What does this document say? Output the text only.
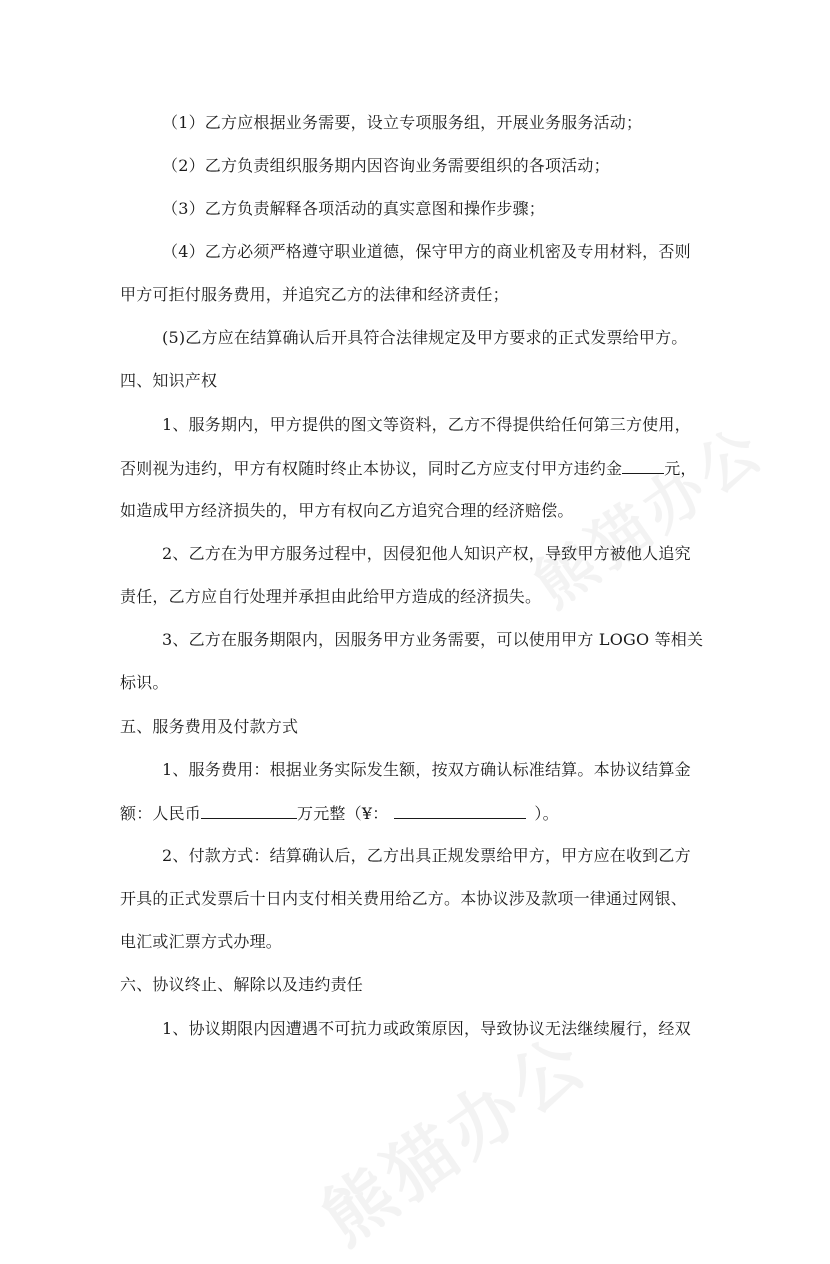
（1）乙方应根据业务需要，设立专项服务组，开展业务服务活动；
（2）乙方负责组织服务期内因咨询业务需要组织的各项活动；
（3）乙方负责解释各项活动的真实意图和操作步骤；
（4）乙方必须严格遵守职业道德，保守甲方的商业机密及专用材料，否则
甲方可拒付服务费用，并追究乙方的法律和经济责任；
(5)乙方应在结算确认后开具符合法律规定及甲方要求的正式发票给甲方。
四、知识产权
1、服务期内，甲方提供的图文等资料，乙方不得提供给任何第三方使用，
否则视为违约，甲方有权随时终止本协议，同时乙方应支付甲方违约金	元，
如造成甲方经济损失的，甲方有权向乙方追究合理的经济赔偿。
2、乙方在为甲方服务过程中，因侵犯他人知识产权，导致甲方被他人追究
责任，乙方应自行处理并承担由此给甲方造成的经济损失。
3、乙方在服务期限内，因服务甲方业务需要，可以使用甲方 LOGO 等相关
标识。
五、服务费用及付款方式
1、服务费用：根据业务实际发生额，按双方确认标准结算。本协议结算金
额：人民币	万元整（¥：	）。
2、付款方式：结算确认后，乙方出具正规发票给甲方，甲方应在收到乙方
开具的正式发票后十日内支付相关费用给乙方。本协议涉及款项一律通过网银、
电汇或汇票方式办理。
六、协议终止、解除以及违约责任
1、协议期限内因遭遇不可抗力或政策原因，导致协议无法继续履行，经双
